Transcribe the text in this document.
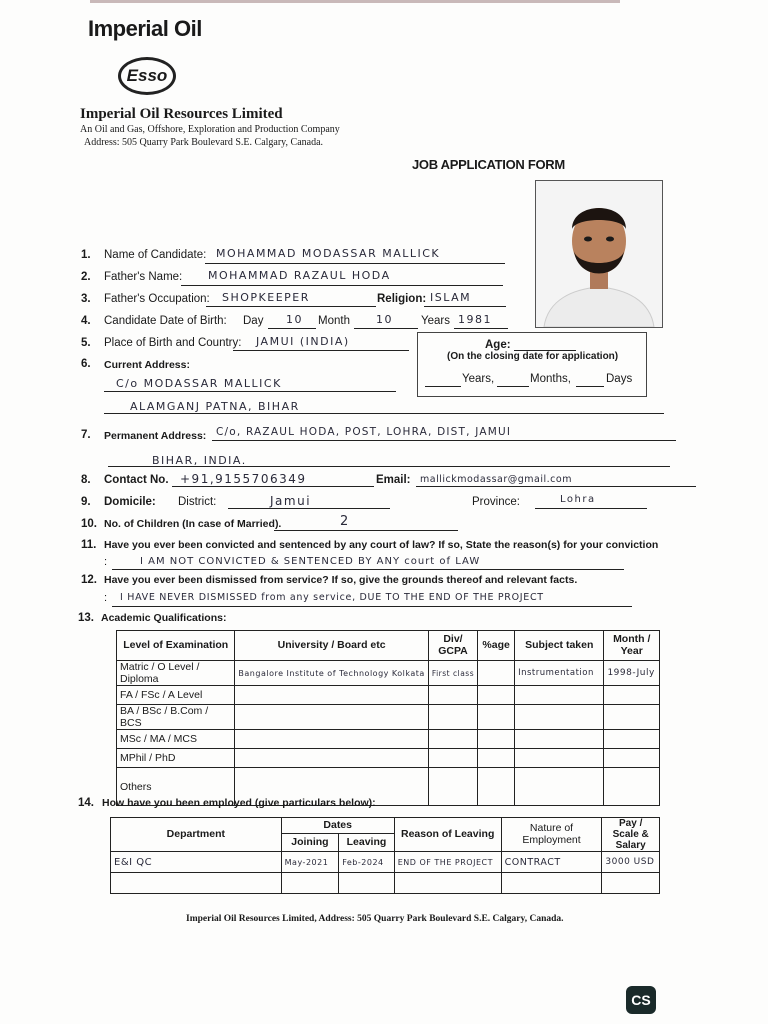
Imperial Oil
Esso
Imperial Oil Resources Limited
An Oil and Gas, Offshore, Exploration and Production Company
Address: 505 Quarry Park Boulevard S.E. Calgary, Canada.
JOB APPLICATION FORM
1. Name of Candidate: MOHAMMAD MODASSAR MALLICK
2. Father's Name: MOHAMMAD RAZAUL HODA
3. Father's Occupation: SHOPKEEPER	Religion: ISLAM
4. Candidate Date of Birth: Day 10 Month 10 Years 1981
5. Place of Birth and Country: JAMUI (INDIA)	Age:
(On the closing date for application)
Years,	Months,	Days
6. Current Address:
C/o MODASSAR MALLICK
ALAMGANJ PATNA, BIHAR
7. Permanent Address: C/o, RAZAUL HODA, POST, LOHRA, DIST, JAMUI
BIHAR, INDIA.
8. Contact No. +91,9155706349	Email: mallickmodassar@gmail.com
9. Domicile: District:	Jamui	Province:	Lohra
10. No. of Children (In case of Married).	2
11. Have you ever been convicted and sentenced by any court of law? If so, State the reason(s) for your conviction
:	I AM NOT CONVICTED & SENTENCED BY ANY court of LAW
12. Have you ever been dismissed from service? If so, give the grounds thereof and relevant facts.
: I HAVE NEVER DISMISSED from any service, DUE TO THE END OF THE PROJECT
13. Academic Qualifications:
Level of Examination	University / Board etc	Div/ GCPA	%age	Subject taken	Month / Year
Matric / O Level / Diploma	Bangalore Institute of Technology Kolkata	First class		Instrumentation	1998-July
FA / FSc / A Level					
BA / BSc / B.Com / BCS					
MSc / MA / MCS					
MPhil / PhD					
Others					
14. How have you been employed (give particulars below):
Department	Dates		Reason of Leaving	Nature of Employment	Pay / Scale & Salary
	Joining	Leaving			
E&I QC	May-2021	Feb-2024	END OF THE PROJECT	CONTRACT	3000 USD

Imperial Oil Resources Limited, Address: 505 Quarry Park Boulevard S.E. Calgary, Canada.
CS
